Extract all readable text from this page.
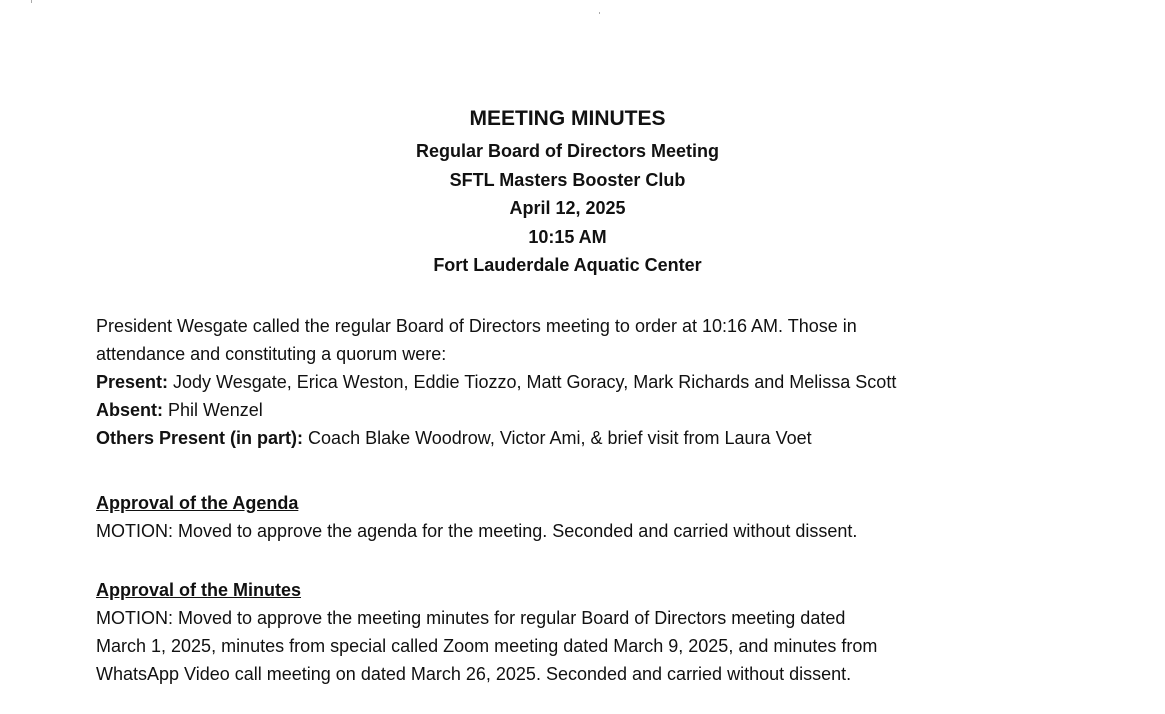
MEETING MINUTES
Regular Board of Directors Meeting
SFTL Masters Booster Club
April 12, 2025
10:15 AM
Fort Lauderdale Aquatic Center
President Wesgate called the regular Board of Directors meeting to order at 10:16 AM. Those in
attendance and constituting a quorum were:
Present: Jody Wesgate, Erica Weston, Eddie Tiozzo, Matt Goracy, Mark Richards and Melissa Scott
Absent: Phil Wenzel
Others Present (in part): Coach Blake Woodrow, Victor Ami, & brief visit from Laura Voet
Approval of the Agenda
MOTION: Moved to approve the agenda for the meeting. Seconded and carried without dissent.
Approval of the Minutes
MOTION: Moved to approve the meeting minutes for regular Board of Directors meeting dated
March 1, 2025, minutes from special called Zoom meeting dated March 9, 2025, and minutes from
WhatsApp Video call meeting on dated March 26, 2025. Seconded and carried without dissent.
